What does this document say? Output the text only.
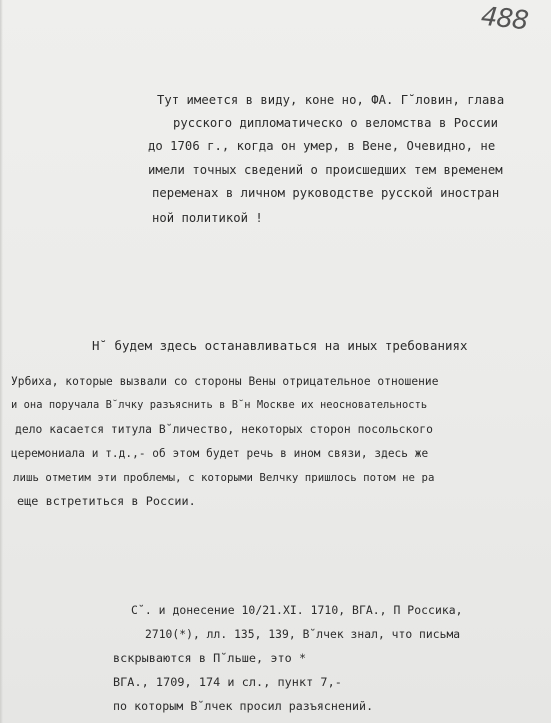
488
Тут имеется в виду, коне но, ФА. Г˘ловин, глава
русского дипломатическо о веломства в России
до 1706 г., когда он умер, в Вене, Очевидно, не
имели точных сведений о происшедших тем временем
переменах в личном руководстве русской иностран
ной политикой !
Н˘ будем здесь останавливаться на иных требованиях
Урбиха, которые вызвали со стороны Вены отрицательное отношение
и она поручала В˘лчку разъяснить в В˘н Москве их неосновательность
дело касается титула В˘личество, некоторых сторон посольского
церемониала и т.д.,- об этом будет речь в ином связи, здесь же
лишь отметим эти проблемы, с которыми Велчку пришлось потом не ра
еще встретиться в России.
С˘. и донесение 10/21.XI. 1710, ВГА., П Россика,
2710(*), лл. 135, 139, В˘лчек знал, что письма
вскрываются в П˘льше, это *
ВГА., 1709, 174 и сл., пункт 7,-
по которым В˘лчек просил разъяснений.
